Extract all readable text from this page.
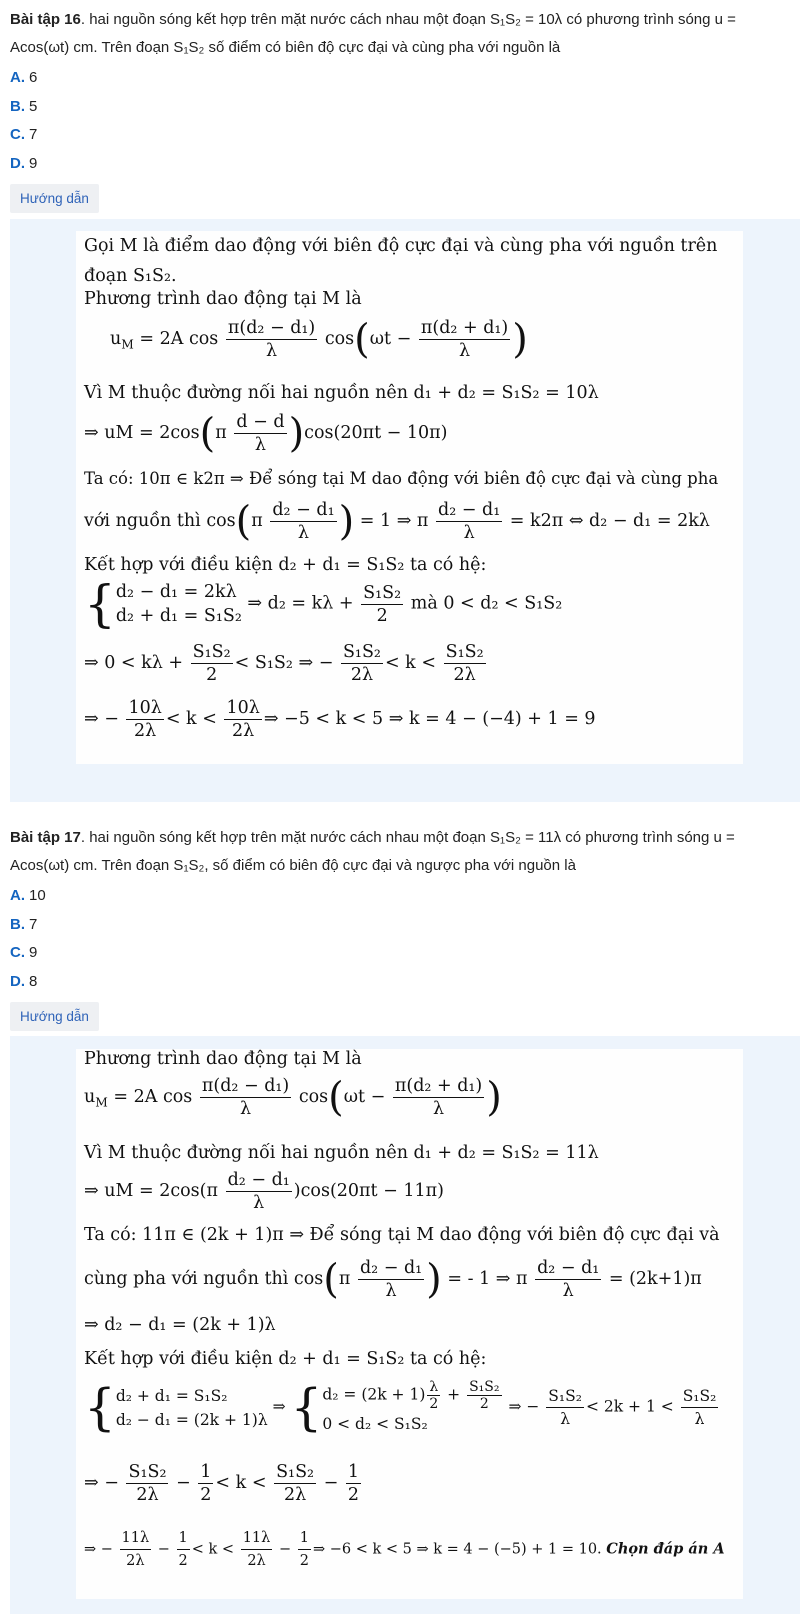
Bài tập 16. hai nguồn sóng kết hợp trên mặt nước cách nhau một đoạn S₁S₂ = 10λ có phương trình sóng u = Acos(ωt) cm. Trên đoạn S₁S₂ số điểm có biên độ cực đại và cùng pha với nguồn là

A. 6
B. 5
C. 7
D. 9
Hướng dẫn
Gọi M là điểm dao động với biên độ cực đại và cùng pha với nguồn trên đoạn S₁S₂.
Phương trình dao động tại M là
$u_M = 2A$ $\cos \frac{\text{π(d₂ − d₁)}}{\lambda} \cos(\omega t - \frac{\text{π(d₂ + d₁)}}{\lambda}$ )
Vì M thuộc đường nối hai nguồn nên d₁ + d₂ = S₁S₂ = 10λ
⇒ uM = $2\cos(\pi \frac{d - d}{\lambda} )\cos(20\pi t - 10\pi)$
Ta có: 10π ∈ k2π ⇒ Để sóng tại M dao động với biên độ cực đại và cùng pha
với nguồn thì $\cos(\pi \frac{\text{d₂ − d₁}}{\lambda}$ ) = 1 ⇒ π $\frac{\text{d₂ − d₁}}{\lambda} = k2\pi$ ⇔ d₂ − d₁ = 2kλ
Kết hợp với điều kiện d₂ + d₁ = S₁S₂ ta có hệ:
{ d₂ − d₁ = 2kλ
d₂ + d₁ = S₁S₂
⇒ $d_2 = k\lambda + \frac{\text{S₁S₂}}{2}$ mà 0 < d₂ < S₁S₂
⇒ $0 < k\lambda + \frac{\text{S₁S₂}}{2} < S_1S_2$ ⇒ − $\frac{\text{S₁S₂}}{2\lambda} < k < \frac{\text{S₁S₂}}{2\lambda}$
⇒ − $\frac{10\lambda}{2\lambda} < k < \frac{10\lambda}{2\lambda}$ ⇒ −5 < k < 5 ⇒ k = 4 − (−4) + 1 = 9

Bài tập 17. hai nguồn sóng kết hợp trên mặt nước cách nhau một đoạn S₁S₂ = 11λ có phương trình sóng u = Acos(ωt) cm. Trên đoạn S₁S₂, số điểm có biên độ cực đại và ngược pha với nguồn là

A. 10
B. 7
C. 9
D. 8
Hướng dẫn
Phương trình dao động tại M là
$u_M = 2A$ $\cos \frac{\text{π(d₂ − d₁)}}{\lambda} \cos(\omega t - \frac{\text{π(d₂ + d₁)}}{\lambda}$ )
Vì M thuộc đường nối hai nguồn nên d₁ + d₂ = S₁S₂ = 11λ
⇒ uM = $2\cos(\pi \frac{\text{d₂ − d₁}}{\lambda} )\cos(20\pi t - 11\pi)$
Ta có: 11π ∈ (2k + 1)π ⇒ Để sóng tại M dao động với biên độ cực đại và
cùng pha với nguồn thì $\cos(\pi \frac{\text{d₂ − d₁}}{\lambda}$ ) = - 1 ⇒ π $\frac{\text{d₂ − d₁}}{\lambda} = (2k+1)\pi$
⇒ d₂ − d₁ = (2k + 1)λ
Kết hợp với điều kiện d₂ + d₁ = S₁S₂ ta có hệ:
{ d₂ + d₁ = S₁S₂
d₂ − d₁ = (2k + 1)λ
⇒ { $d_2 = (2k + 1) \frac{\lambda}{2} + \frac{\text{S₁S₂}}{2}$
0 < d₂ < S₁S₂
⇒ − $\frac{\text{S₁S₂}}{\lambda} < 2k + 1 < \frac{\text{S₁S₂}}{\lambda}$
⇒ − $\frac{\text{S₁S₂}}{2\lambda} - \frac{1}{2} < k < \frac{\text{S₁S₂}}{2\lambda} - \frac{1}{2}$
⇒ − $\frac{11\lambda}{2\lambda} - \frac{1}{2} < k < \frac{11\lambda}{2\lambda} - \frac{1}{2}$ ⇒ −6 < k < 5 ⇒ k = 4 − (−5) + 1 = 10. Chọn đáp án A
